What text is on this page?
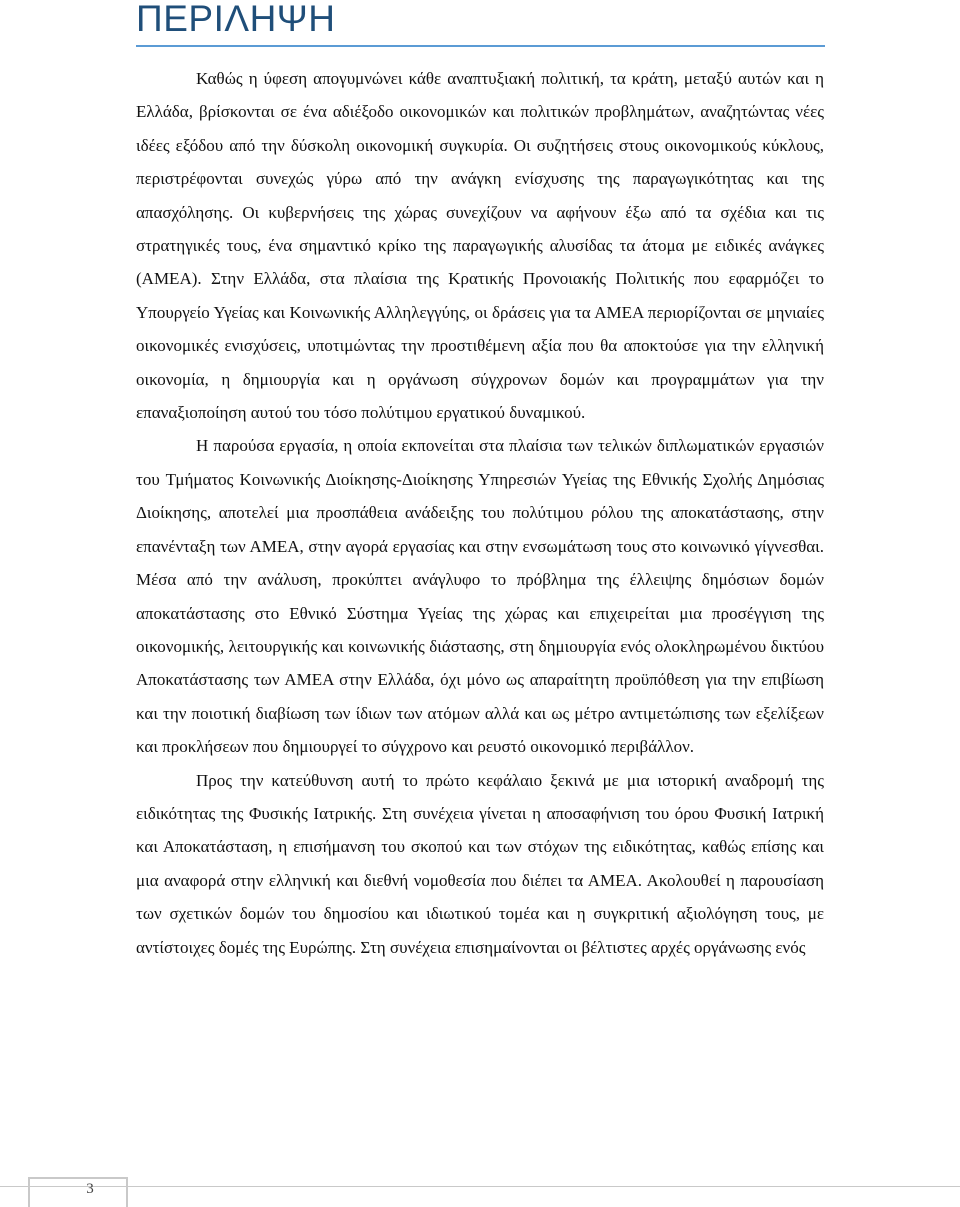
ΠΕΡΙΛΗΨΗ

Καθώς η ύφεση απογυμνώνει κάθε αναπτυξιακή πολιτική, τα κράτη, μεταξύ αυτών και η Ελλάδα, βρίσκονται σε ένα αδιέξοδο οικονομικών και πολιτικών προβλημάτων, αναζητώντας νέες ιδέες εξόδου από την δύσκολη οικονομική συγκυρία. Οι συζητήσεις στους οικονομικούς κύκλους, περιστρέφονται συνεχώς γύρω από την ανάγκη ενίσχυσης της παραγωγικότητας και της απασχόλησης. Οι κυβερνήσεις της χώρας συνεχίζουν να αφήνουν έξω από τα σχέδια και τις στρατηγικές τους, ένα σημαντικό κρίκο της παραγωγικής αλυσίδας τα άτομα με ειδικές ανάγκες (ΑΜΕΑ). Στην Ελλάδα, στα πλαίσια της Κρατικής Προνοιακής Πολιτικής που εφαρμόζει το Υπουργείο Υγείας και Κοινωνικής Αλληλεγγύης, οι δράσεις για τα ΑΜΕΑ περιορίζονται σε μηνιαίες οικονομικές ενισχύσεις, υποτιμώντας την προστιθέμενη αξία που θα αποκτούσε για την ελληνική οικονομία, η δημιουργία και η οργάνωση σύγχρονων δομών και προγραμμάτων για την επαναξιοποίηση αυτού του τόσο πολύτιμου εργατικού δυναμικού.

Η παρούσα εργασία, η οποία εκπονείται στα πλαίσια των τελικών διπλωματικών εργασιών του Τμήματος Κοινωνικής Διοίκησης-Διοίκησης Υπηρεσιών Υγείας της Εθνικής Σχολής Δημόσιας Διοίκησης, αποτελεί μια προσπάθεια ανάδειξης του πολύτιμου ρόλου της αποκατάστασης, στην επανένταξη των ΑΜΕΑ, στην αγορά εργασίας και στην ενσωμάτωση τους στο κοινωνικό γίγνεσθαι. Μέσα από την ανάλυση, προκύπτει ανάγλυφο το πρόβλημα της έλλειψης δημόσιων δομών αποκατάστασης στο Εθνικό Σύστημα Υγείας της χώρας και επιχειρείται μια προσέγγιση της οικονομικής, λειτουργικής και κοινωνικής διάστασης, στη δημιουργία ενός ολοκληρωμένου δικτύου Αποκατάστασης των ΑΜΕΑ στην Ελλάδα, όχι μόνο ως απαραίτητη προϋπόθεση για την επιβίωση και την ποιοτική διαβίωση των ίδιων των ατόμων αλλά και ως μέτρο αντιμετώπισης των εξελίξεων και προκλήσεων που δημιουργεί το σύγχρονο και ρευστό οικονομικό περιβάλλον.

Προς την κατεύθυνση αυτή το πρώτο κεφάλαιο ξεκινά με μια ιστορική αναδρομή της ειδικότητας της Φυσικής Ιατρικής. Στη συνέχεια γίνεται η αποσαφήνιση του όρου Φυσική Ιατρική και Αποκατάσταση, η επισήμανση του σκοπού και των στόχων της ειδικότητας, καθώς επίσης και μια αναφορά στην ελληνική και διεθνή νομοθεσία που διέπει τα ΑΜΕΑ. Ακολουθεί η παρουσίαση των σχετικών δομών του δημοσίου και ιδιωτικού τομέα και η συγκριτική αξιολόγηση τους, με αντίστοιχες δομές της Ευρώπης. Στη συνέχεια επισημαίνονται οι βέλτιστες αρχές οργάνωσης ενός

3
